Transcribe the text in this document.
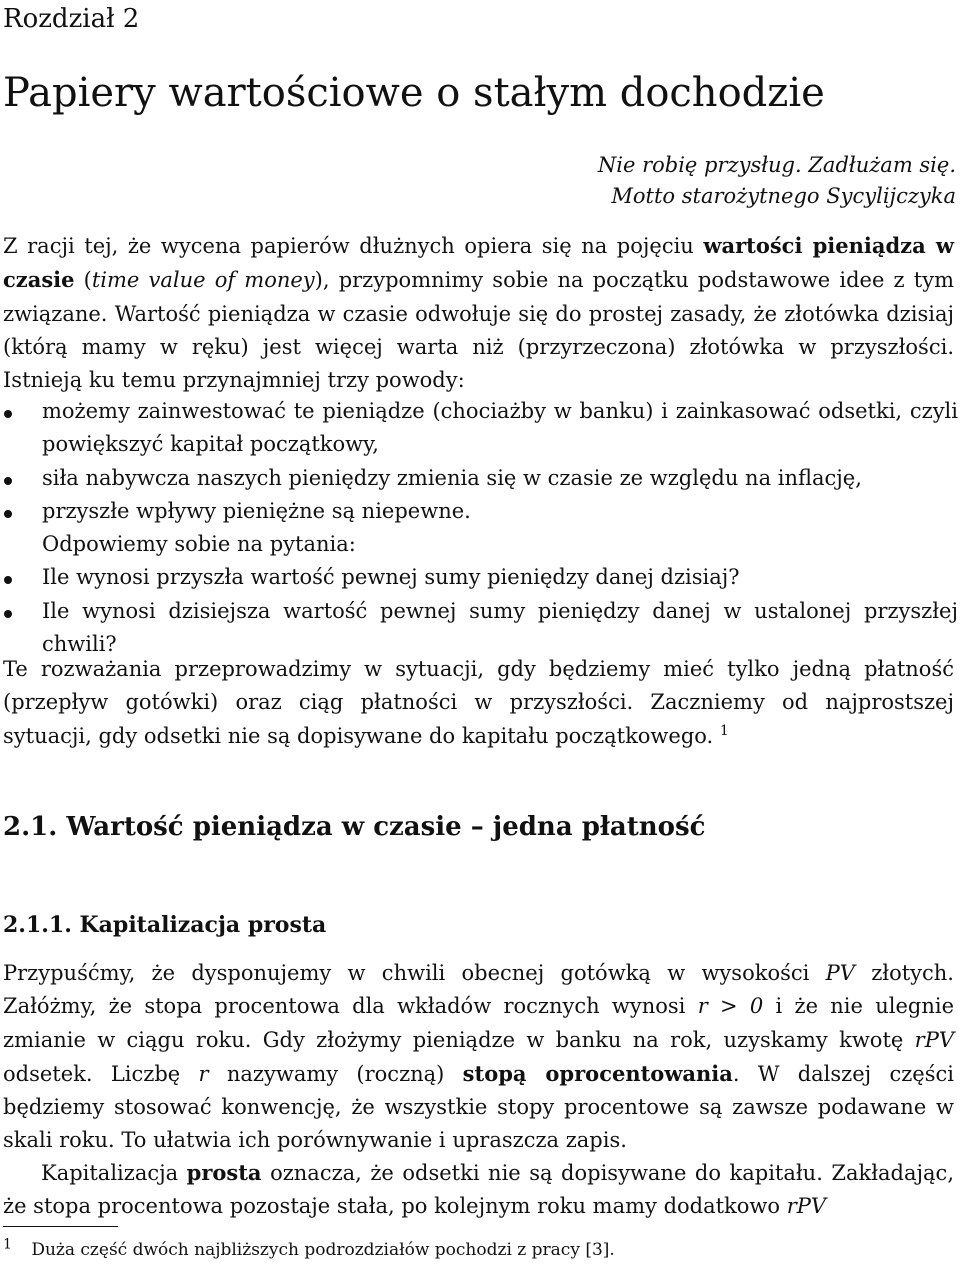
Rozdział 2
Papiery wartościowe o stałym dochodzie
Nie robię przysług. Zadłużam się.
Motto starożytnego Sycylijczyka
Z racji tej, że wycena papierów dłużnych opiera się na pojęciu wartości pieniądza w czasie (time value of money), przypomnimy sobie na początku podstawowe idee z tym związane. Wartość pieniądza w czasie odwołuje się do prostej zasady, że złotówka dzisiaj (którą mamy w ręku) jest więcej warta niż (przyrzeczona) złotówka w przyszłości. Istnieją ku temu przynajmniej trzy powody:
możemy zainwestować te pieniądze (chociażby w banku) i zainkasować odsetki, czyli powiększyć kapitał początkowy,
siła nabywcza naszych pieniędzy zmienia się w czasie ze względu na inflację,
przyszłe wpływy pieniężne są niepewne.
Odpowiemy sobie na pytania:
Ile wynosi przyszła wartość pewnej sumy pieniędzy danej dzisiaj?
Ile wynosi dzisiejsza wartość pewnej sumy pieniędzy danej w ustalonej przyszłej chwili?
Te rozważania przeprowadzimy w sytuacji, gdy będziemy mieć tylko jedną płatność (przepływ gotówki) oraz ciąg płatności w przyszłości. Zaczniemy od najprostszej sytuacji, gdy odsetki nie są dopisywane do kapitału początkowego. $^1$
2.1. Wartość pieniądza w czasie – jedna płatność
2.1.1. Kapitalizacja prosta
Przypuśćmy, że dysponujemy w chwili obecnej gotówką w wysokości PV złotych. Załóżmy, że stopa procentowa dla wkładów rocznych wynosi r > 0 i że nie ulegnie zmianie w ciągu roku. Gdy złożymy pieniądze w banku na rok, uzyskamy kwotę rPV odsetek. Liczbę r nazywamy (roczną) stopą oprocentowania. W dalszej części będziemy stosować konwencję, że wszystkie stopy procentowe są zawsze podawane w skali roku. To ułatwia ich porównywanie i upraszcza zapis.
Kapitalizacja prosta oznacza, że odsetki nie są dopisywane do kapitału. Zakładając, że stopa procentowa pozostaje stała, po kolejnym roku mamy dodatkowo rPV
$^1$ Duża część dwóch najbliższych podrozdziałów pochodzi z pracy [3].
